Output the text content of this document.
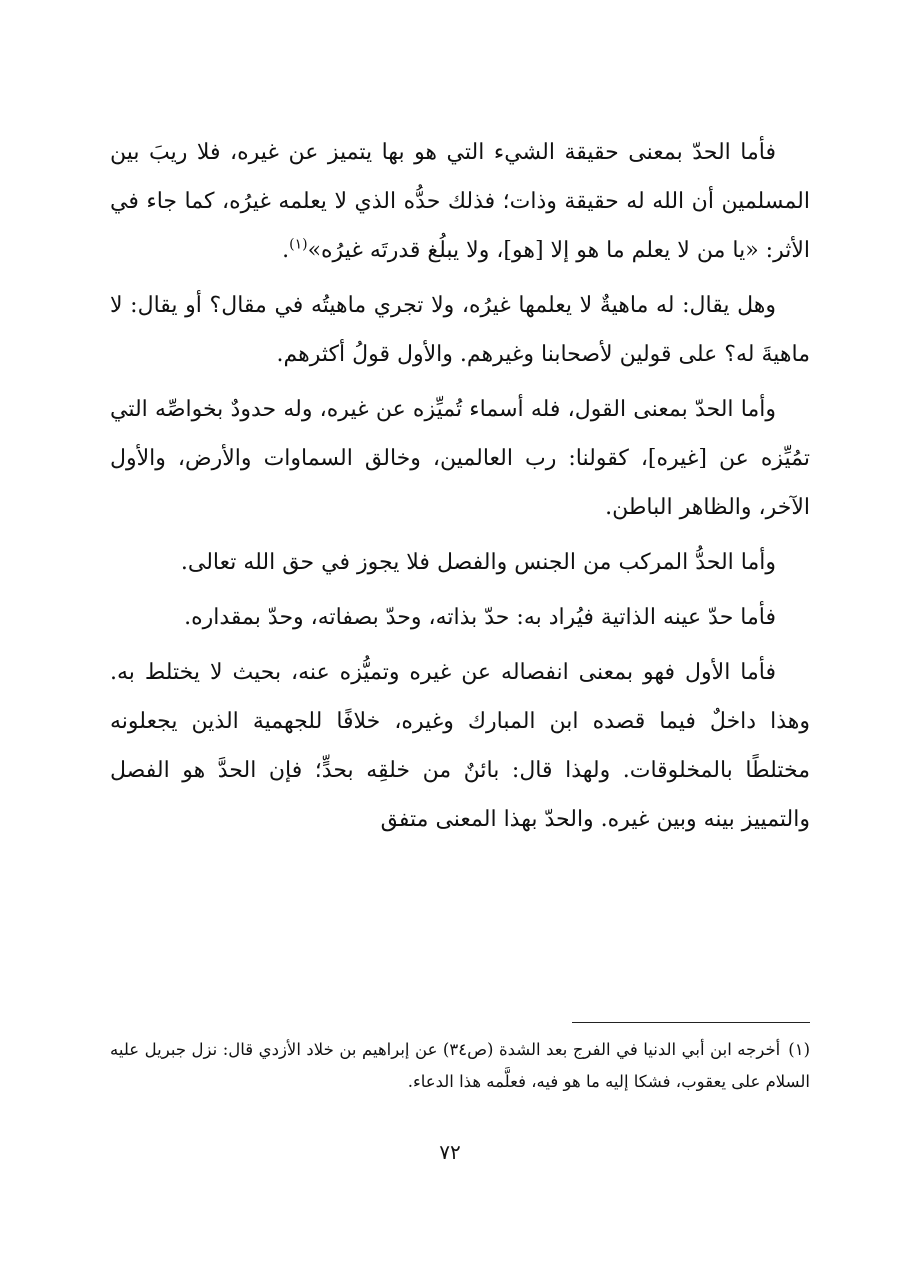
فأما الحدّ بمعنى حقيقة الشيء التي هو بها يتميز عن غيره، فلا ريبَ بين المسلمين أن الله له حقيقة وذات؛ فذلك حدُّه الذي لا يعلمه غيرُه، كما جاء في الأثر: «يا من لا يعلم ما هو إلا [هو]، ولا يبلُغ قدرتَه غيرُه»$^{(١)}$.

وهل يقال: له ماهيةٌ لا يعلمها غيرُه، ولا تجري ماهيتُه في مقال؟ أو يقال: لا ماهيةَ له؟ على قولين لأصحابنا وغيرهم. والأول قولُ أكثرهم.

وأما الحدّ بمعنى القول، فله أسماء تُميِّزه عن غيره، وله حدودٌ بخواصِّه التي تمُيِّزه عن [غيره]، كقولنا: رب العالمين، وخالق السماوات والأرض، والأول الآخر، والظاهر الباطن.

وأما الحدُّ المركب من الجنس والفصل فلا يجوز في حق الله تعالى.

فأما حدّ عينه الذاتية فيُراد به: حدّ بذاته، وحدّ بصفاته، وحدّ بمقداره.

فأما الأول فهو بمعنى انفصاله عن غيره وتميُّزه عنه، بحيث لا يختلط به. وهذا داخلٌ فيما قصده ابن المبارك وغيره، خلافًا للجهمية الذين يجعلونه مختلطًا بالمخلوقات. ولهذا قال: بائنٌ من خلقِه بحدٍّ؛ فإن الحدَّ هو الفصل والتمييز بينه وبين غيره. والحدّ بهذا المعنى متفق

(١)أخرجه ابن أبي الدنيا في الفرج بعد الشدة (ص٣٤) عن إبراهيم بن خلاد الأزدي قال: نزل جبريل عليه السلام على يعقوب، فشكا إليه ما هو فيه، فعلَّمه هذا الدعاء.
٧٢
